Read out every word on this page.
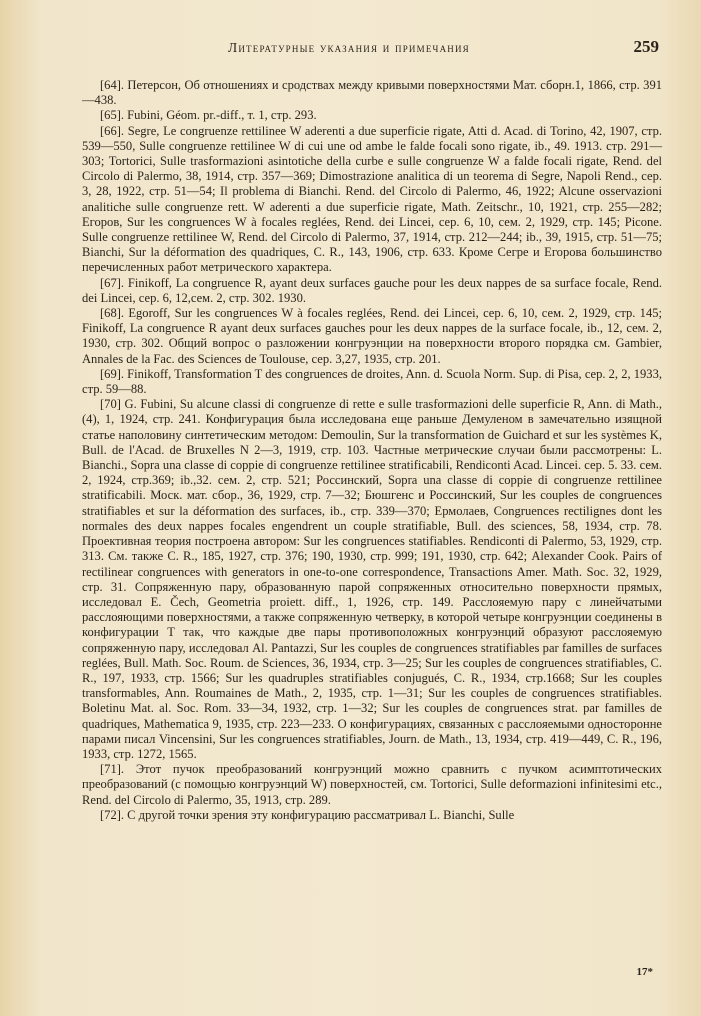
Литературные указания и примечания	259

[64]. Петерсон, Об отношениях и сродствах между кривыми поверхностями Мат. сборн.1, 1866, стр. 391—438.

[65]. Fubini, Géom. pr.-diff., т. 1, стр. 293.

[66]. Segre, Le congruenze rettilinee W aderenti a due superficie rigate, Atti d. Acad. di Torino, 42, 1907, стр. 539—550, Sulle congruenze rettilinee W di cui une od ambe le falde focali sono rigate, ib., 49. 1913. стр. 291—303; Tortorici, Sulle trasformazioni asintotiche della curbe e sulle congruenze W a falde focali rigate, Rend. del Circolo di Palermo, 38, 1914, стр. 357—369; Dimostrazione analitica di un teorema di Segre, Napoli Rend., сер. 3, 28, 1922, стр. 51—54; Il problema di Bianchi. Rend. del Circolo di Palermo, 46, 1922; Alcune osservazioni analitiche sulle congruenze rett. W aderenti a due superficie rigate, Math. Zeitschr., 10, 1921, стр. 255—282; Егоров, Sur les congruences W à focales reglées, Rend. dei Lincei, сер. 6, 10, сем. 2, 1929, стр. 145; Picone. Sulle congruenze rettilinee W, Rend. del Circolo di Palermo, 37, 1914, стр. 212—244; ib., 39, 1915, стр. 51—75; Bianchi, Sur la déformation des quadriques, C. R., 143, 1906, стр. 633. Кроме Сегре и Егорова большинство перечисленных работ метрического характера.

[67]. Finikoff, La congruence R, ayant deux surfaces gauche pour les deux nappes de sa surface focale, Rend. dei Lincei, сер. 6, 12,сем. 2, стр. 302. 1930.

[68]. Egoroff, Sur les congruences W à focales reglées, Rend. dei Lincei, сер. 6, 10, сем. 2, 1929, стр. 145; Finikoff, La congruence R ayant deux surfaces gauches pour les deux nappes de la surface focale, ib., 12, сем. 2, 1930, стр. 302. Общий вопрос о разложении конгруэнции на поверхности второго порядка см. Gambier, Annales de la Fac. des Sciences de Toulouse, сер. 3,27, 1935, стр. 201.

[69]. Finikoff, Transformation T des congruences de droites, Ann. d. Scuola Norm. Sup. di Pisa, сер. 2, 2, 1933, стр. 59—88.

[70] G. Fubini, Su alcune classi di congruenze di rette e sulle trasformazioni delle superficie R, Ann. di Math., (4), 1, 1924, стр. 241. Конфигурация была исследована еще раньше Демуленом в замечательно изящной статье наполовину синтетическим методом: Demoulin, Sur la transformation de Guichard et sur les systèmes K, Bull. de l'Acad. de Bruxelles N 2—3, 1919, стр. 103. Частные метрические случаи были рассмотрены: L. Bianchi., Sopra una classe di coppie di congruenze rettilinee stratificabili, Rendiconti Acad. Lincei. сер. 5. 33. сем. 2, 1924, стр.369; ib.,32. сем. 2, стр. 521; Россинский, Sopra una classe di coppie di congruenze rettilinee stratificabili. Моск. мат. сбор., 36, 1929, стр. 7—32; Бюшгенс и Россинский, Sur les couples de congruences stratifiables et sur la déformation des surfaces, ib., стр. 339—370; Ермолаев, Congruences rectilignes dont les normales des deux nappes focales engendrent un couple stratifiable, Bull. des sciences, 58, 1934, стр. 78. Проективная теория построена автором: Sur les congruences statifiables. Rendiconti di Palermo, 53, 1929, стр. 313. См. также C. R., 185, 1927, стр. 376; 190, 1930, стр. 999; 191, 1930, стр. 642; Alexander Cook. Pairs of rectilinear congruences with generators in one-to-one correspondence, Transactions Amer. Math. Soc. 32, 1929, стр. 31. Сопряженную пару, образованную парой сопряженных относительно поверхности прямых, исследовал E. Čech, Geometria proiett. diff., 1, 1926, стр. 149. Расслояемую пару с линейчатыми расслояющими поверхностями, а также сопряженную четверку, в которой четыре конгруэнции соединены в конфигурации T так, что каждые две пары противоположных конгруэнций образуют расслояемую сопряженную пару, исследовал Al. Pantazzi, Sur les couples de congruences stratifiables par familles de surfaces reglées, Bull. Math. Soc. Roum. de Sciences, 36, 1934, стр. 3—25; Sur les couples de congruences stratifiables, C. R., 197, 1933, стр. 1566; Sur les quadruples stratifiables conjugués, C. R., 1934, стр.1668; Sur les couples transformables, Ann. Roumaines de Math., 2, 1935, стр. 1—31; Sur les couples de congruences stratifiables. Boletinu Mat. al. Soc. Rom. 33—34, 1932, стр. 1—32; Sur les couples de congruences strat. par familles de quadriques, Mathematica 9, 1935, стр. 223—233. О конфигурациях, связанных с расслояемыми односторонне парами писал Vincensini, Sur les congruences stratifiables, Journ. de Math., 13, 1934, стр. 419—449, C. R., 196, 1933, стр. 1272, 1565.

[71]. Этот пучок преобразований конгруэнций можно сравнить с пучком асимптотических преобразований (с помощью конгруэнций W) поверхностей, см. Tortorici, Sulle deformazioni infinitesimi etc., Rend. del Circolo di Palermo, 35, 1913, стр. 289.

[72]. С другой точки зрения эту конфигурацию рассматривал L. Bianchi, Sulle

17*
